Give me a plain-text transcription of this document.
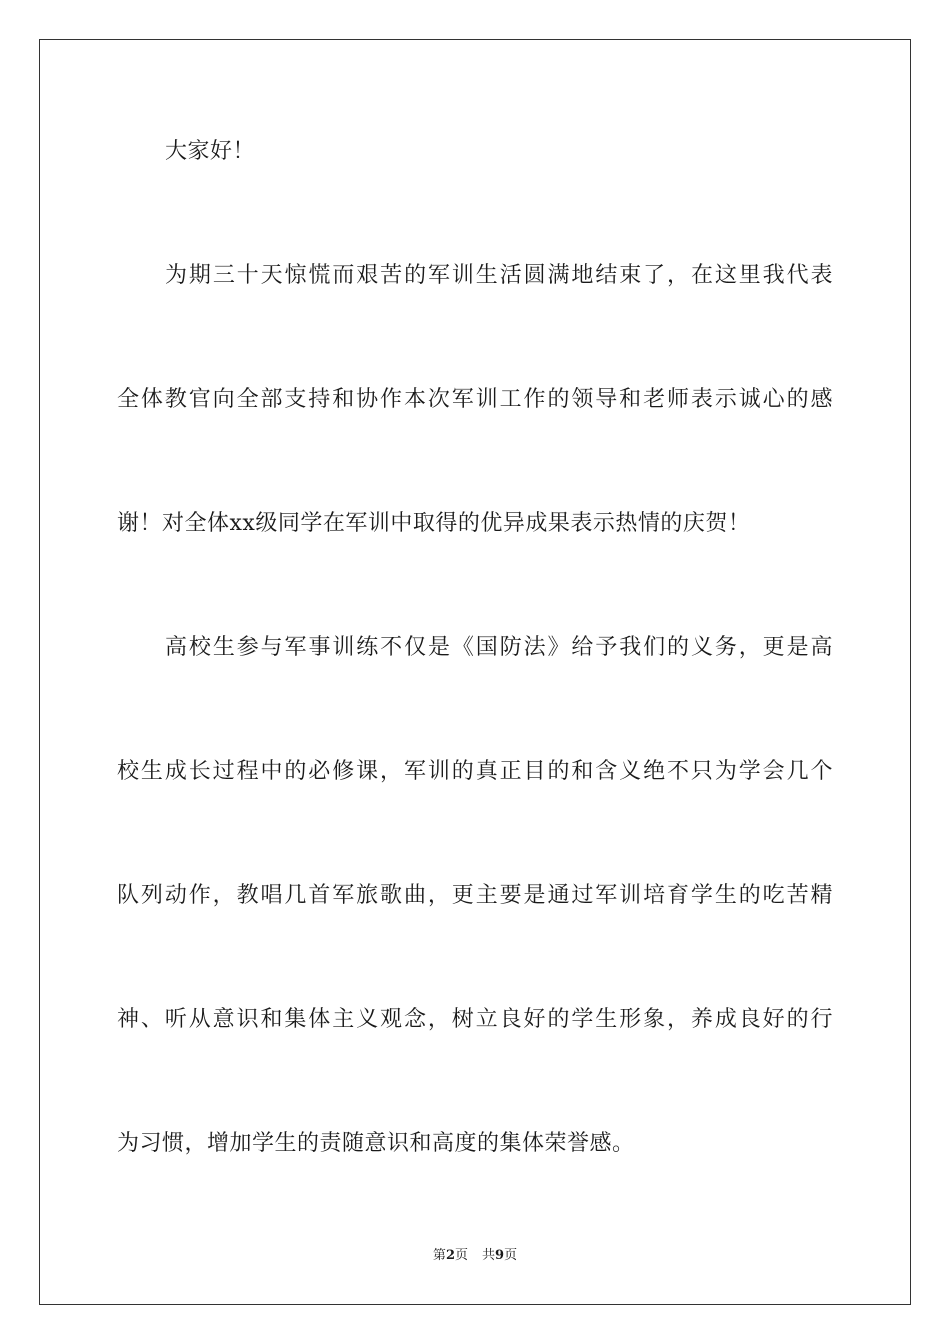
大家好！
为期三十天惊慌而艰苦的军训生活圆满地结束了，在这里我代表
全体教官向全部支持和协作本次军训工作的领导和老师表示诚心的感
谢！对全体xx级同学在军训中取得的优异成果表示热情的庆贺！
高校生参与军事训练不仅是《国防法》给予我们的义务，更是高
校生成长过程中的必修课，军训的真正目的和含义绝不只为学会几个
队列动作，教唱几首军旅歌曲，更主要是通过军训培育学生的吃苦精
神、听从意识和集体主义观念，树立良好的学生形象，养成良好的行
为习惯，增加学生的责随意识和高度的集体荣誉感。
第2页 共9页
